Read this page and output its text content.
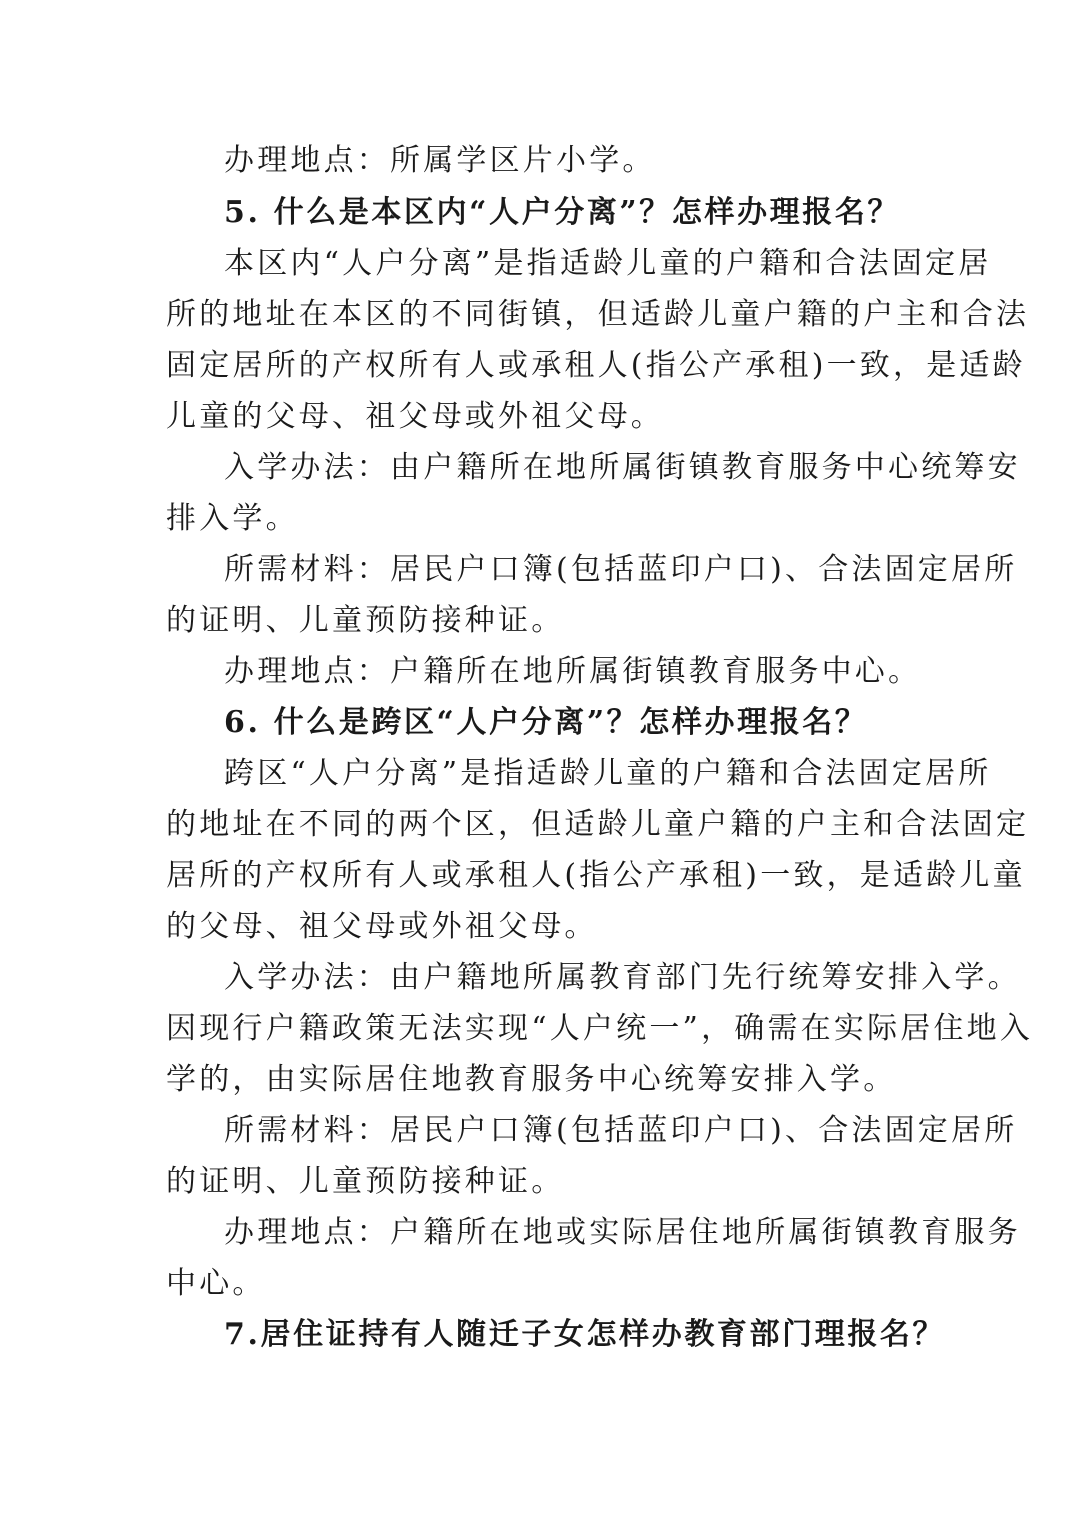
办理地点：所属学区片小学。
5. 什么是本区内“人户分离”？怎样办理报名？
本区内“人户分离”是指适龄儿童的户籍和合法固定居
所的地址在本区的不同街镇，但适龄儿童户籍的户主和合法
固定居所的产权所有人或承租人(指公产承租)一致，是适龄
儿童的父母、祖父母或外祖父母。
入学办法：由户籍所在地所属街镇教育服务中心统筹安
排入学。
所需材料：居民户口簿(包括蓝印户口)、合法固定居所
的证明、儿童预防接种证。
办理地点：户籍所在地所属街镇教育服务中心。
6. 什么是跨区“人户分离”？怎样办理报名？
跨区“人户分离”是指适龄儿童的户籍和合法固定居所
的地址在不同的两个区，但适龄儿童户籍的户主和合法固定
居所的产权所有人或承租人(指公产承租)一致，是适龄儿童
的父母、祖父母或外祖父母。
入学办法：由户籍地所属教育部门先行统筹安排入学。
因现行户籍政策无法实现“人户统一”，确需在实际居住地入
学的，由实际居住地教育服务中心统筹安排入学。
所需材料：居民户口簿(包括蓝印户口)、合法固定居所
的证明、儿童预防接种证。
办理地点：户籍所在地或实际居住地所属街镇教育服务
中心。
7.居住证持有人随迁子女怎样办教育部门理报名？
